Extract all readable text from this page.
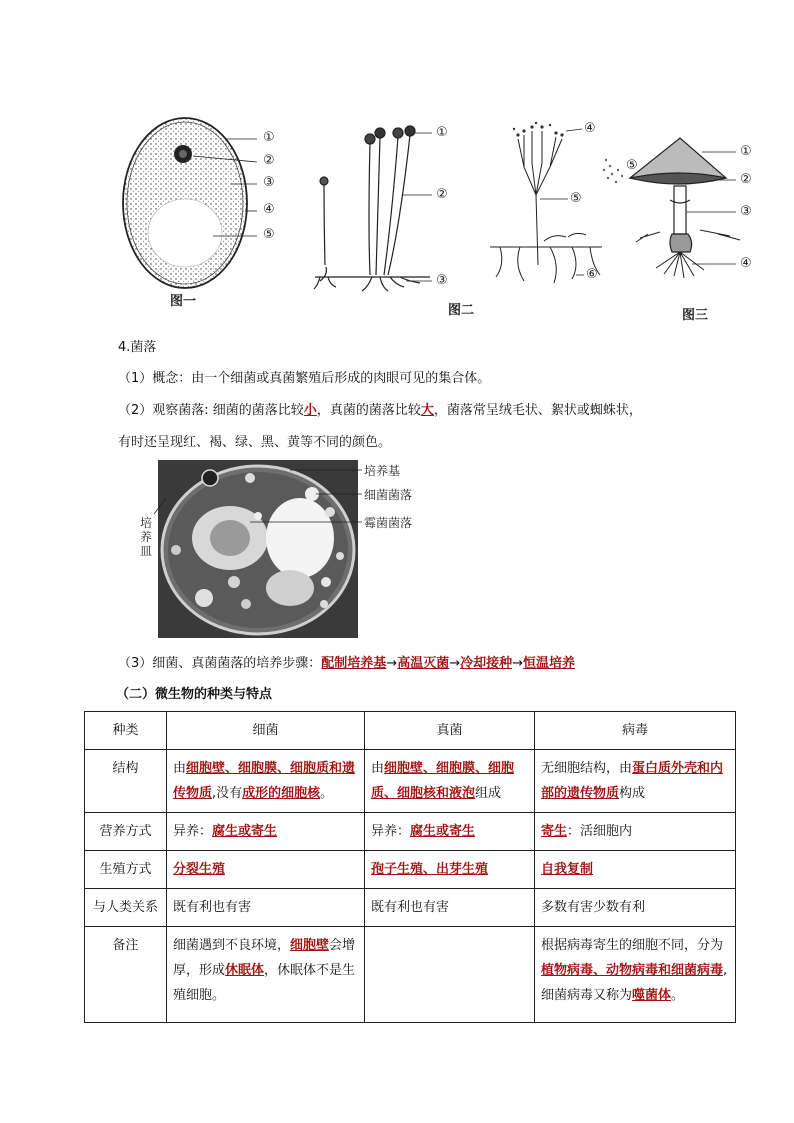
①
②
③
④
⑤
图一
①
②
③
④
⑤
⑥
图二
①
②
③
④
⑤
图三
4.菌落
（1）概念：由一个细菌或真菌繁殖后形成的肉眼可见的集合体。
（2）观察菌落: 细菌的菌落比较小，真菌的菌落比较大，菌落常呈绒毛状、絮状或蜘蛛状，
有时还呈现红、褐、绿、黑、黄等不同的颜色。
培养基
细菌菌落
霉菌菌落
培养皿
（3）细菌、真菌菌落的培养步骤：配制培养基→高温灭菌→冷却接种→恒温培养
（二）微生物的种类与特点
种类	细菌	真菌	病毒
结构	由细胞壁、细胞膜、细胞质和遗传物质,没有成形的细胞核。	由细胞壁、细胞膜、细胞质、细胞核和液泡组成	无细胞结构，由蛋白质外壳和内部的遗传物质构成
营养方式	异养：腐生或寄生	异养：腐生或寄生	寄生：活细胞内
生殖方式	分裂生殖	孢子生殖、出芽生殖	自我复制
与人类关系	既有利也有害	既有利也有害	多数有害少数有利
备注	细菌遇到不良环境，细胞壁会增厚，形成休眠体，休眠体不是生殖细胞。		根据病毒寄生的细胞不同，分为植物病毒、动物病毒和细菌病毒,细菌病毒又称为噬菌体。
